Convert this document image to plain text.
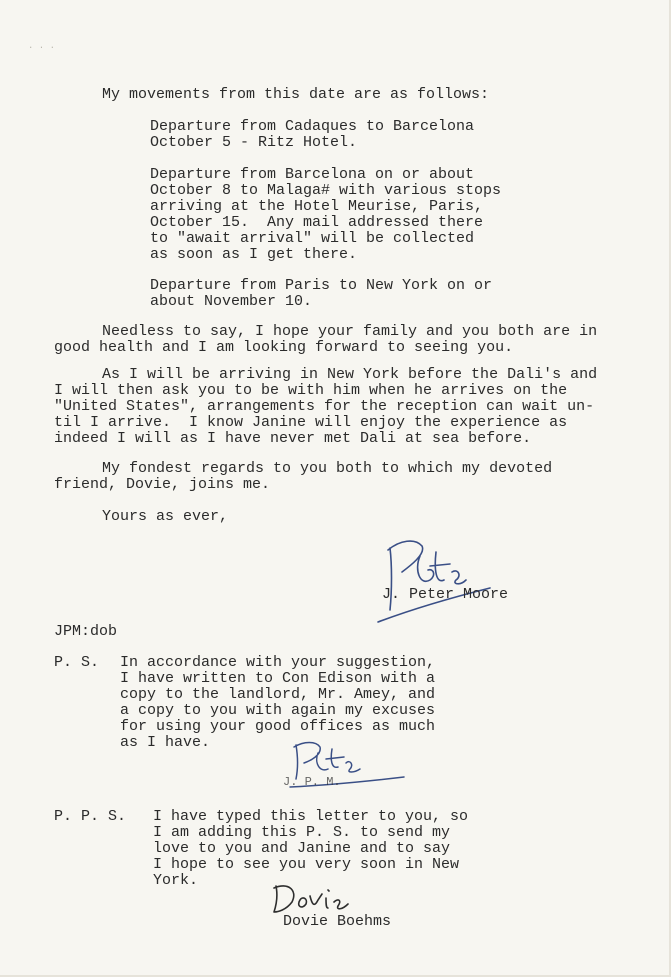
· · ·
My movements from this date are as follows:
Departure from Cadaques to Barcelona
October 5 - Ritz Hotel.
Departure from Barcelona on or about
October 8 to Malaga# with various stops
arriving at the Hotel Meurise, Paris,
October 15.  Any mail addressed there
to "await arrival" will be collected
as soon as I get there.
Departure from Paris to New York on or
about November 10.
Needless to say, I hope your family and you both are in
good health and I am looking forward to seeing you.
As I will be arriving in New York before the Dali's and
I will then ask you to be with him when he arrives on the
"United States", arrangements for the reception can wait un-
til I arrive.  I know Janine will enjoy the experience as
indeed I will as I have never met Dali at sea before.
My fondest regards to you both to which my devoted
friend, Dovie, joins me.
Yours as ever,
J. Peter Moore
JPM:dob
P. S. In accordance with your suggestion,
I have written to Con Edison with a
copy to the landlord, Mr. Amey, and
a copy to you with again my excuses
for using your good offices as much
as I have.
J. P. M.
P. P. S. I have typed this letter to you, so
I am adding this P. S. to send my
love to you and Janine and to say
I hope to see you very soon in New
York.
Dovie Boehms
